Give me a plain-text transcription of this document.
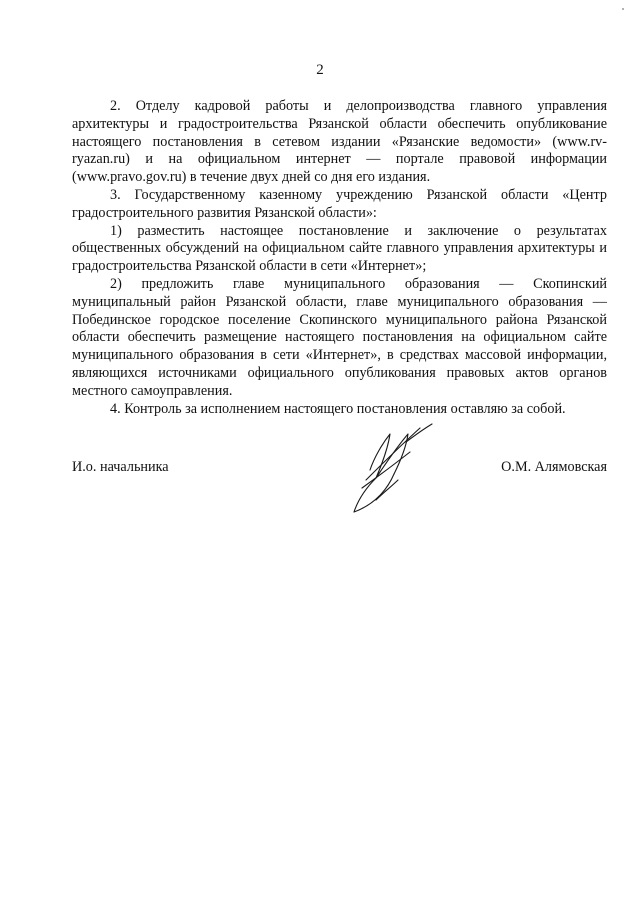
2

2. Отделу кадровой работы и делопроизводства главного управления архитектуры и градостроительства Рязанской области обеспечить опубликование настоящего постановления в сетевом издании «Рязанские ведомости» (www.rv-ryazan.ru) и на официальном интернет — портале правовой информации (www.pravo.gov.ru) в течение двух дней со дня его издания.

3. Государственному казенному учреждению Рязанской области «Центр градостроительного развития Рязанской области»:

1) разместить настоящее постановление и заключение о результатах общественных обсуждений на официальном сайте главного управления архитектуры и градостроительства Рязанской области в сети «Интернет»;

2) предложить главе муниципального образования — Скопинский муниципальный район Рязанской области, главе муниципального образования — Побединское городское поселение Скопинского муниципального района Рязанской области обеспечить размещение настоящего постановления на официальном сайте муниципального образования в сети «Интернет», в средствах массовой информации, являющихся источниками официального опубликования правовых актов органов местного самоуправления.

4. Контроль за исполнением настоящего постановления оставляю за собой.

И.о. начальника	О.М. Алямовская
